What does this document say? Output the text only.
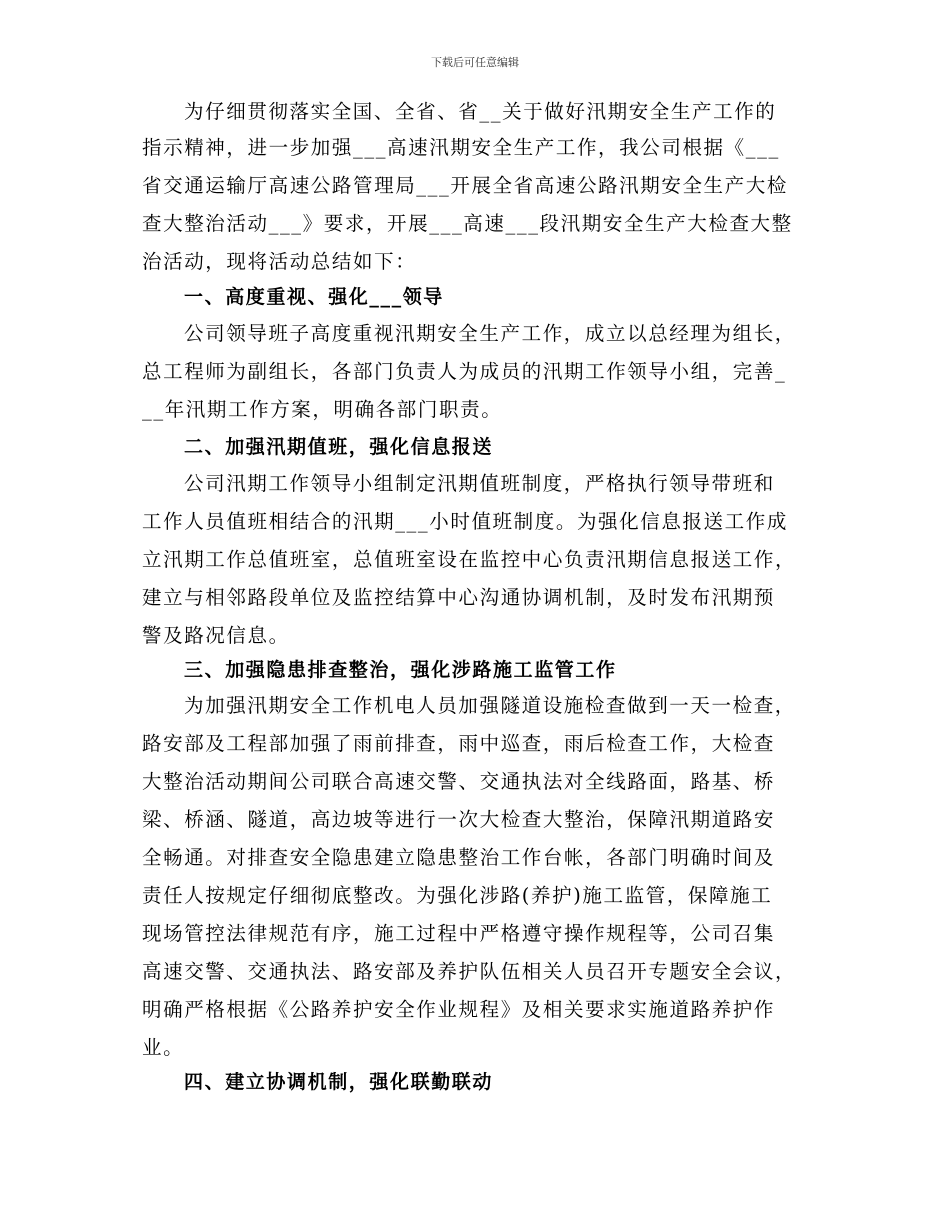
下载后可任意编辑
为仔细贯彻落实全国、全省、省__关于做好汛期安全生产工作的
指示精神，进一步加强___高速汛期安全生产工作，我公司根据《___
省交通运输厅高速公路管理局___开展全省高速公路汛期安全生产大检
查大整治活动___》要求，开展___高速___段汛期安全生产大检查大整
治活动，现将活动总结如下：
一、高度重视、强化___领导
公司领导班子高度重视汛期安全生产工作，成立以总经理为组长，
总工程师为副组长，各部门负责人为成员的汛期工作领导小组，完善_
__年汛期工作方案，明确各部门职责。
二、加强汛期值班，强化信息报送
公司汛期工作领导小组制定汛期值班制度，严格执行领导带班和
工作人员值班相结合的汛期___小时值班制度。为强化信息报送工作成
立汛期工作总值班室，总值班室设在监控中心负责汛期信息报送工作，
建立与相邻路段单位及监控结算中心沟通协调机制，及时发布汛期预
警及路况信息。
三、加强隐患排查整治，强化涉路施工监管工作
为加强汛期安全工作机电人员加强隧道设施检查做到一天一检查，
路安部及工程部加强了雨前排查，雨中巡查，雨后检查工作，大检查
大整治活动期间公司联合高速交警、交通执法对全线路面，路基、桥
梁、桥涵、隧道，高边坡等进行一次大检查大整治，保障汛期道路安
全畅通。对排查安全隐患建立隐患整治工作台帐，各部门明确时间及
责任人按规定仔细彻底整改。为强化涉路(养护)施工监管，保障施工
现场管控法律规范有序，施工过程中严格遵守操作规程等，公司召集
高速交警、交通执法、路安部及养护队伍相关人员召开专题安全会议，
明确严格根据《公路养护安全作业规程》及相关要求实施道路养护作
业。
四、建立协调机制，强化联勤联动
